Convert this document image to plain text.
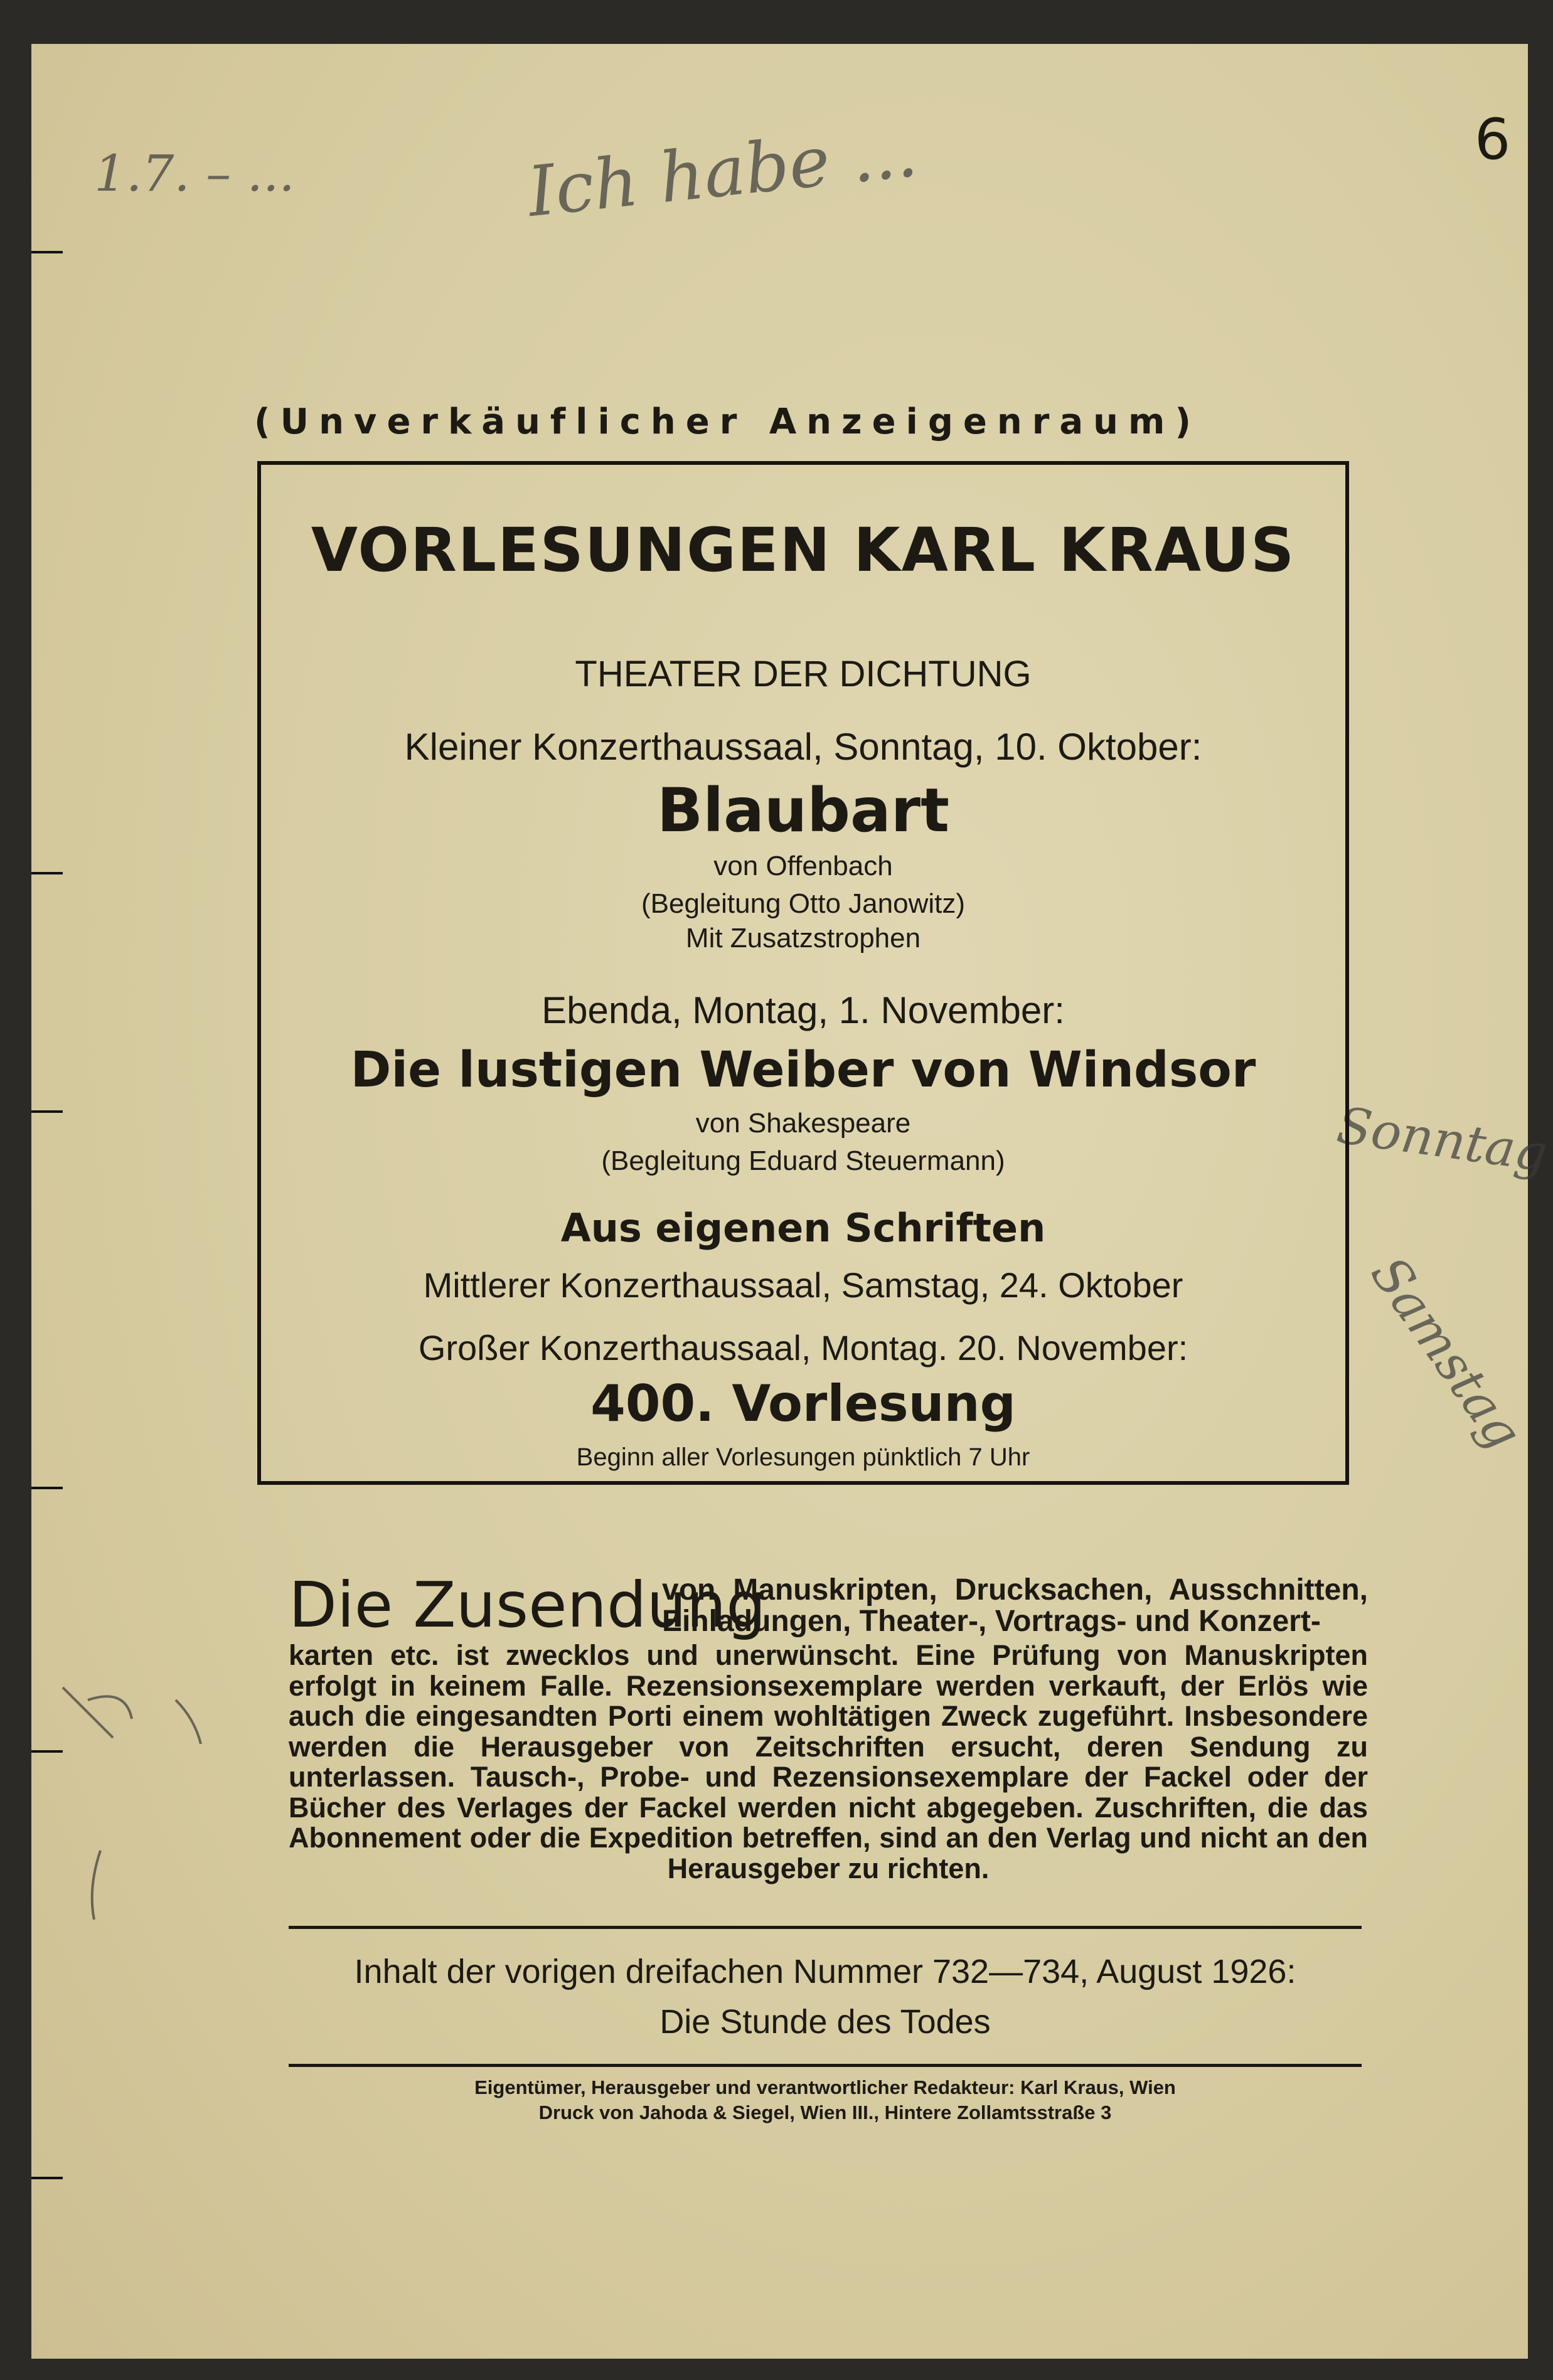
6
1.7. – ...	Ich habe ...
Sonntag
Samstag
(Unverkäuflicher Anzeigenraum)
VORLESUNGEN KARL KRAUS
THEATER DER DICHTUNG
Kleiner Konzerthaussaal, Sonntag, 10. Oktober:
Blaubart
von Offenbach
(Begleitung Otto Janowitz)
Mit Zusatzstrophen
Ebenda, Montag, 1. November:
Die lustigen Weiber von Windsor
von Shakespeare
(Begleitung Eduard Steuermann)
Aus eigenen Schriften
Mittlerer Konzerthaussaal, Samstag, 24. Oktober
Großer Konzerthaussaal, Montag. 20. November:
400. Vorlesung
Beginn aller Vorlesungen pünktlich 7 Uhr
Die Zusendung
von Manuskripten, Drucksachen, Ausschnitten, Einladungen, Theater-, Vortrags- und Konzert-
karten etc. ist zwecklos und unerwünscht. Eine Prüfung von Manuskripten erfolgt in keinem Falle. Rezensionsexemplare werden verkauft, der Erlös wie auch die eingesandten Porti einem wohltätigen Zweck zugeführt. Insbesondere werden die Herausgeber von Zeitschriften ersucht, deren Sendung zu unterlassen. Tausch-, Probe- und Rezensionsexemplare der Fackel oder der Bücher des Verlages der Fackel werden nicht abgegeben. Zuschriften, die das Abonnement oder die Expedition betreffen, sind an den Verlag und nicht an den Herausgeber zu richten.
Inhalt der vorigen dreifachen Nummer 732—734, August 1926:
Die Stunde des Todes
Eigentümer, Herausgeber und verantwortlicher Redakteur: Karl Kraus, Wien
Druck von Jahoda & Siegel, Wien III., Hintere Zollamtsstraße 3
